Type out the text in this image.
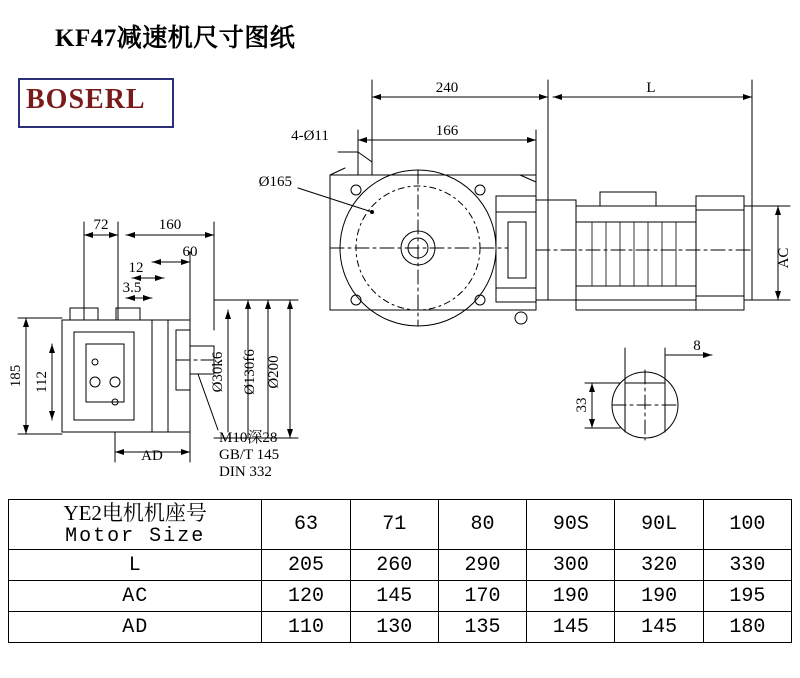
KF47减速机尺寸图纸
BOSERL	240	L
166
4-Ø11
Ø165
AC
72	160
60
12
3.5
Ø30k6 Ø130f6 Ø200
185 112
AD
M10深28
GB/T 145
DIN 332
8
33
YE2电机机座号
Motor Size	63	71	80	90S	90L	100
L	205	260	290	300	320	330
AC	120	145	170	190	190	195
AD	110	130	135	145	145	180
